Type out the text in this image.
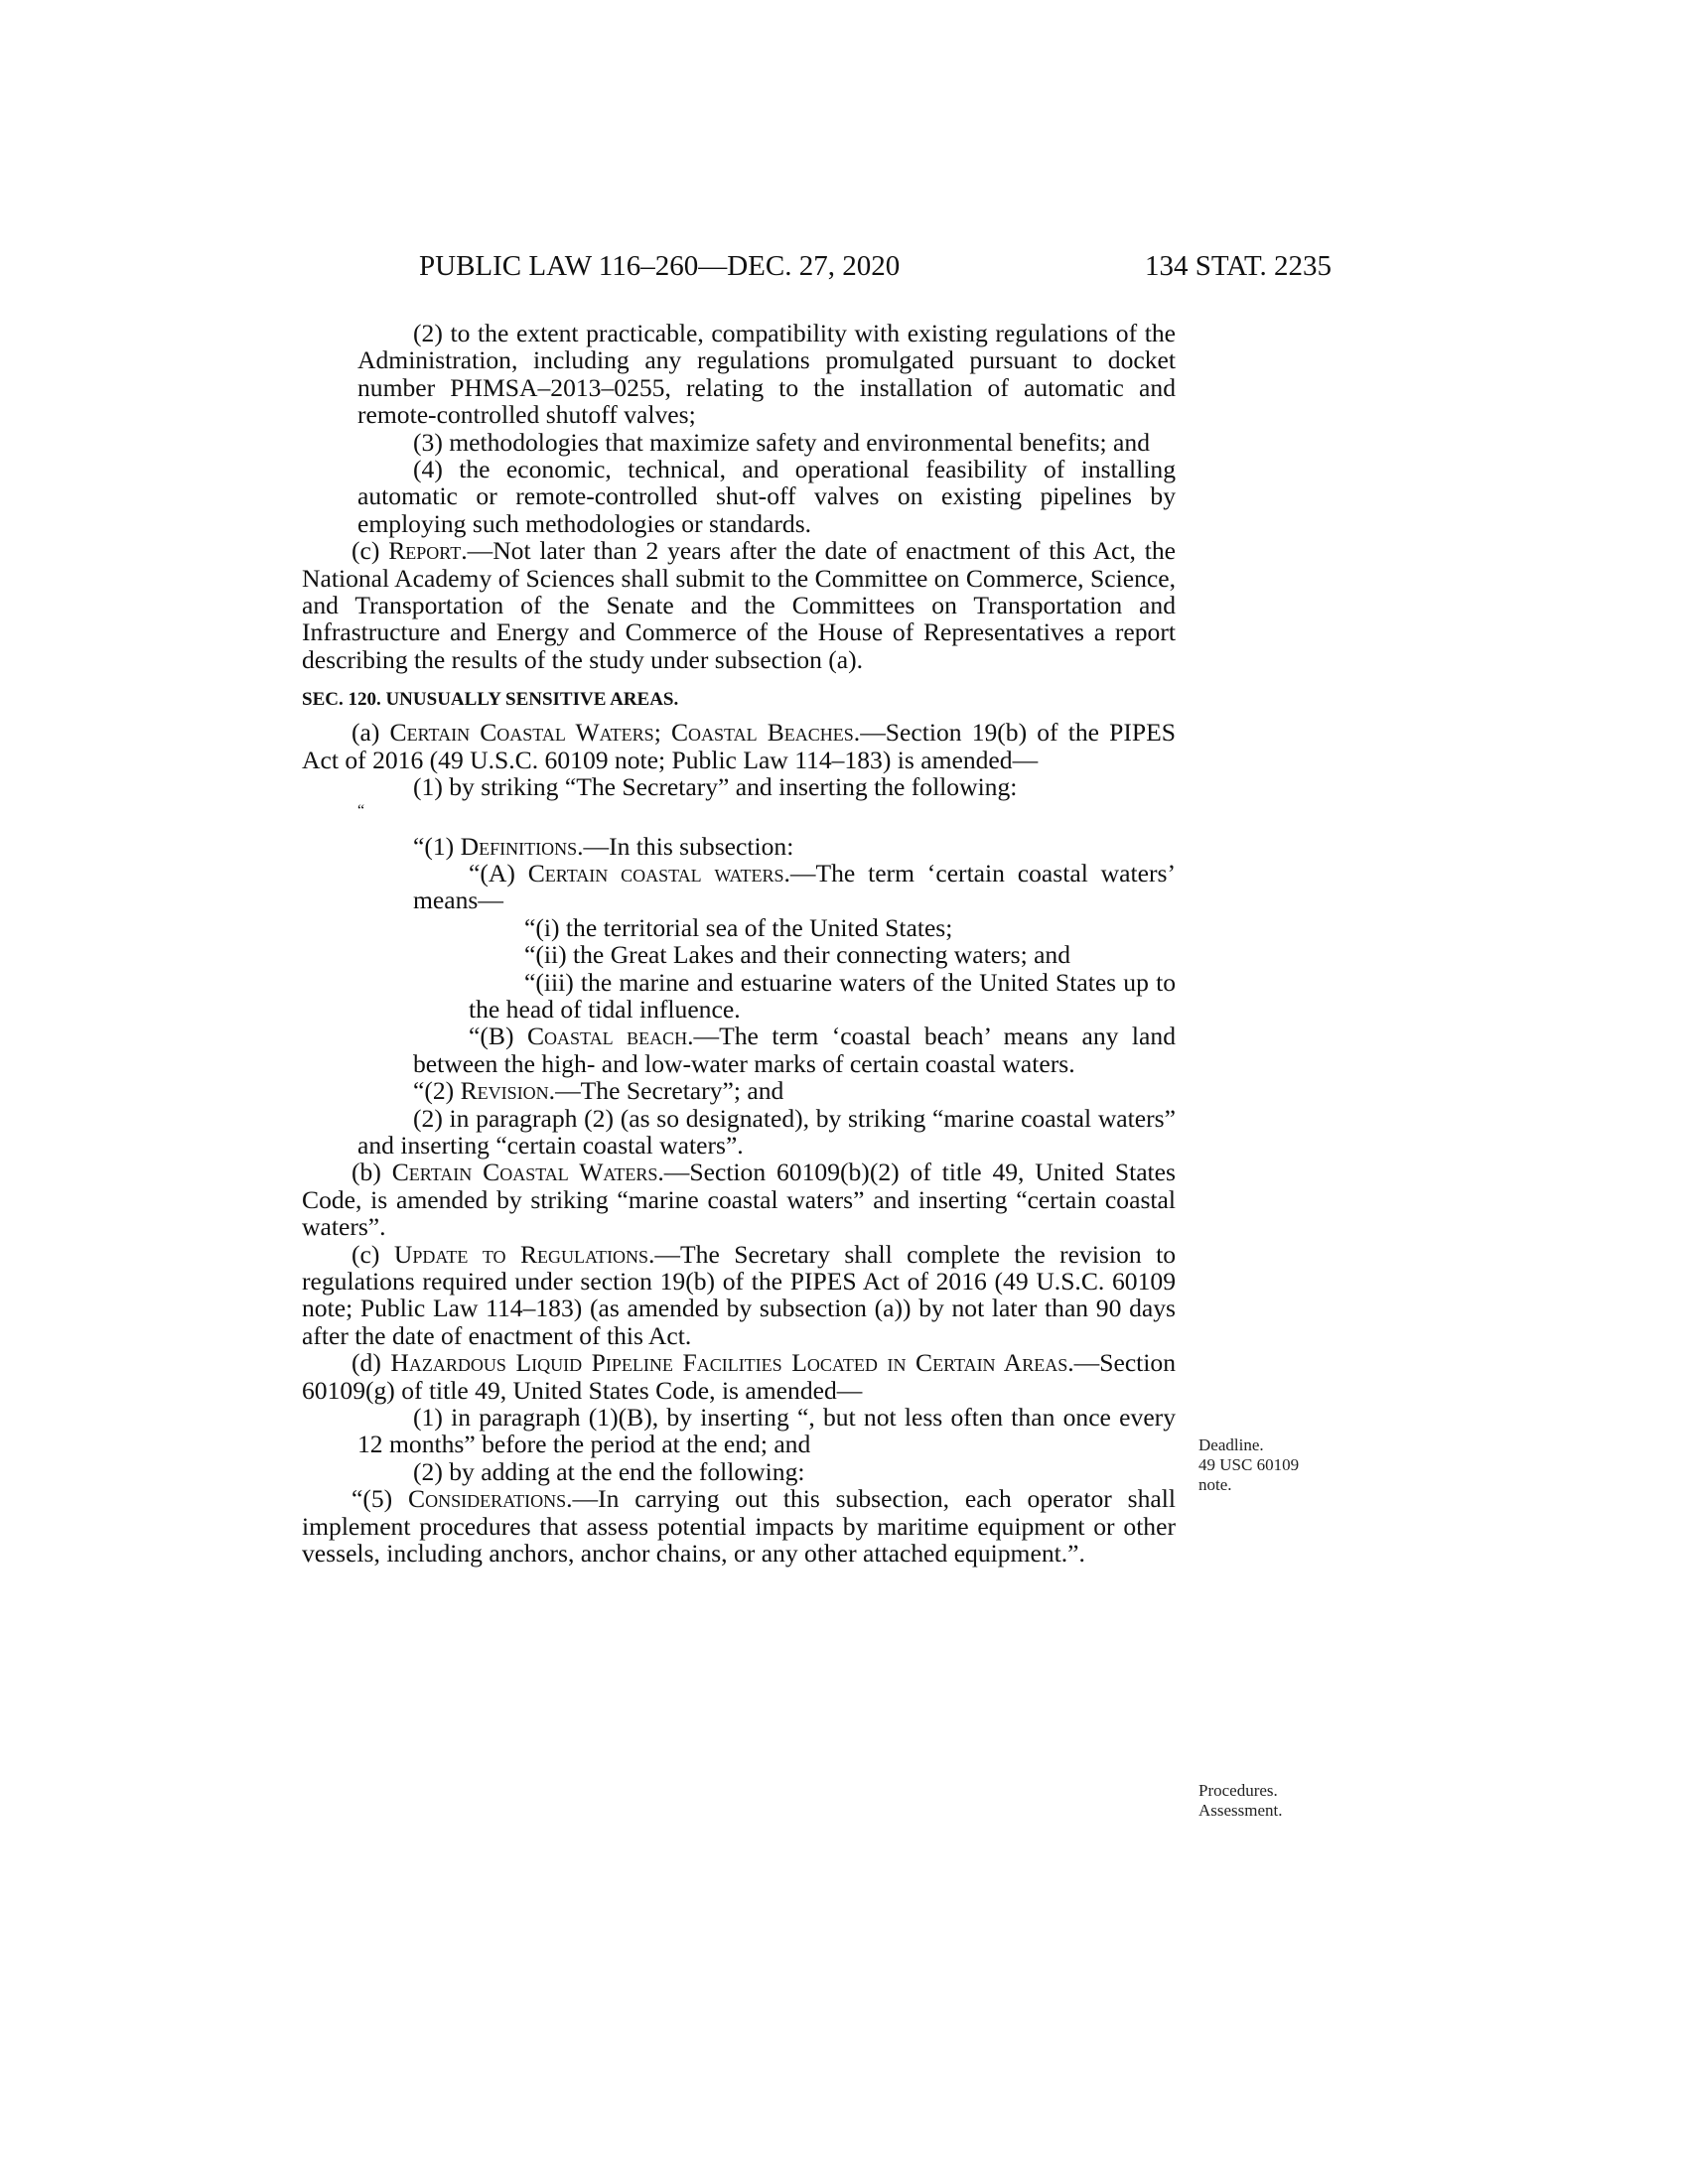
PUBLIC LAW 116–260—DEC. 27, 2020	134 STAT. 2235

(2) to the extent practicable, compatibility with existing regulations of the Administration, including any regulations promulgated pursuant to docket number PHMSA–2013–0255, relating to the installation of automatic and remote-controlled shutoff valves;

(3) methodologies that maximize safety and environmental benefits; and

(4) the economic, technical, and operational feasibility of installing automatic or remote-controlled shut-off valves on existing pipelines by employing such methodologies or standards.

(c) Report.—Not later than 2 years after the date of enactment of this Act, the National Academy of Sciences shall submit to the Committee on Commerce, Science, and Transportation of the Senate and the Committees on Transportation and Infrastructure and Energy and Commerce of the House of Representatives a report describing the results of the study under subsection (a).

SEC. 120. UNUSUALLY SENSITIVE AREAS.

(a) Certain Coastal Waters; Coastal Beaches.—Section 19(b) of the PIPES Act of 2016 (49 U.S.C. 60109 note; Public Law 114–183) is amended—

(1) by striking “The Secretary” and inserting the following:

“

“(1) Definitions.—In this subsection:

“(A) Certain coastal waters.—The term ‘certain coastal waters’ means—

“(i) the territorial sea of the United States;

“(ii) the Great Lakes and their connecting waters; and

“(iii) the marine and estuarine waters of the United States up to the head of tidal influence.

“(B) Coastal beach.—The term ‘coastal beach’ means any land between the high- and low-water marks of certain coastal waters.

“(2) Revision.—The Secretary”; and

(2) in paragraph (2) (as so designated), by striking “marine coastal waters” and inserting “certain coastal waters”.

(b) Certain Coastal Waters.—Section 60109(b)(2) of title 49, United States Code, is amended by striking “marine coastal waters” and inserting “certain coastal waters”.

(c) Update to Regulations.—The Secretary shall complete the revision to regulations required under section 19(b) of the PIPES Act of 2016 (49 U.S.C. 60109 note; Public Law 114–183) (as amended by subsection (a)) by not later than 90 days after the date of enactment of this Act.

(d) Hazardous Liquid Pipeline Facilities Located in Certain Areas.—Section 60109(g) of title 49, United States Code, is amended—

(1) in paragraph (1)(B), by inserting “, but not less often than once every 12 months” before the period at the end; and

(2) by adding at the end the following:

“(5) Considerations.—In carrying out this subsection, each operator shall implement procedures that assess potential impacts by maritime equipment or other vessels, including anchors, anchor chains, or any other attached equipment.”.

Deadline.
49 USC 60109
note.
Procedures.
Assessment.
